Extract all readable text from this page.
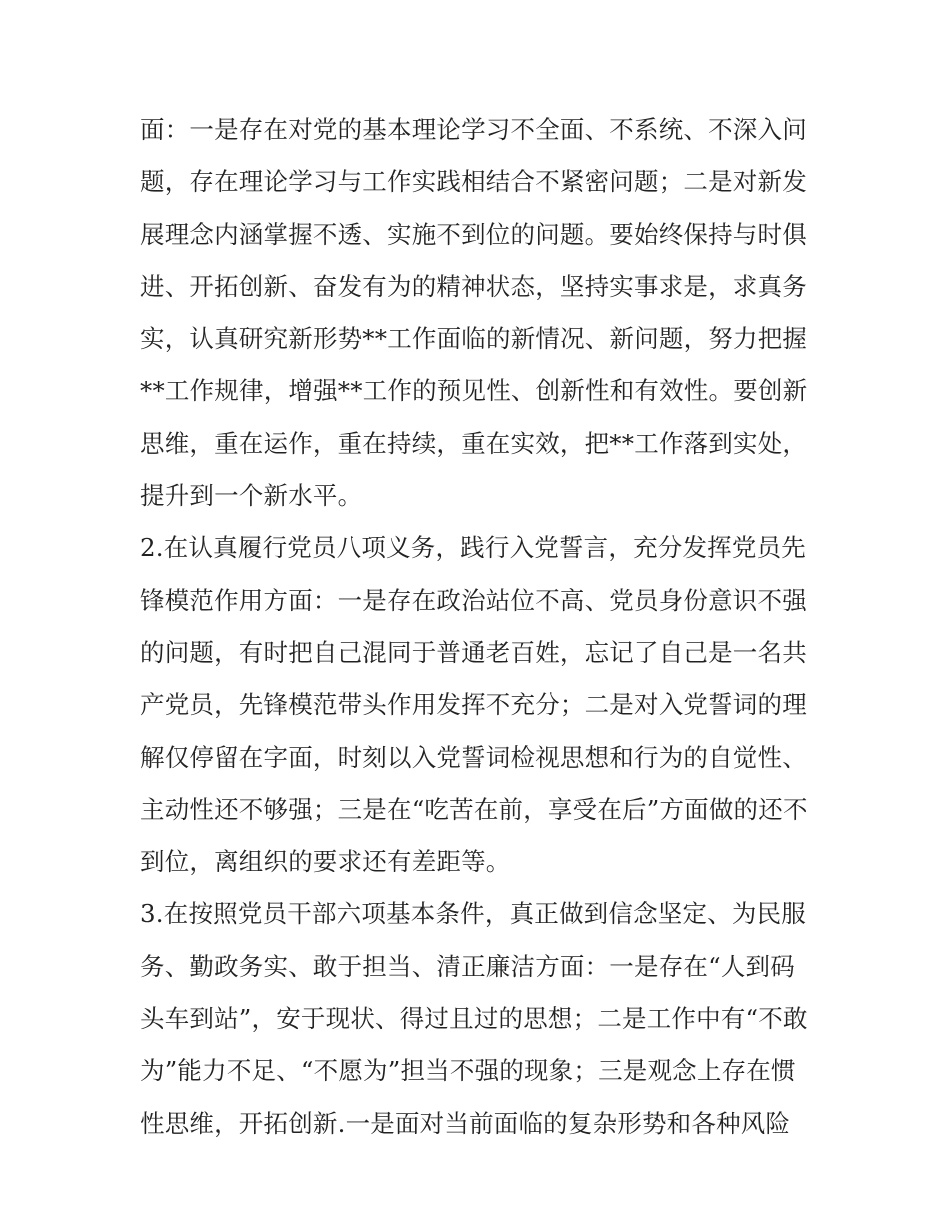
面：一是存在对党的基本理论学习不全面、不系统、不深入问
题，存在理论学习与工作实践相结合不紧密问题；二是对新发
展理念内涵掌握不透、实施不到位的问题。要始终保持与时俱
进、开拓创新、奋发有为的精神状态，坚持实事求是，求真务
实，认真研究新形势**工作面临的新情况、新问题，努力把握
**工作规律，增强**工作的预见性、创新性和有效性。要创新
思维，重在运作，重在持续，重在实效，把**工作落到实处，
提升到一个新水平。
2.在认真履行党员八项义务，践行入党誓言，充分发挥党员先
锋模范作用方面：一是存在政治站位不高、党员身份意识不强
的问题，有时把自己混同于普通老百姓，忘记了自己是一名共
产党员，先锋模范带头作用发挥不充分；二是对入党誓词的理
解仅停留在字面，时刻以入党誓词检视思想和行为的自觉性、
主动性还不够强；三是在“吃苦在前，享受在后”方面做的还不
到位，离组织的要求还有差距等。
3.在按照党员干部六项基本条件，真正做到信念坚定、为民服
务、勤政务实、敢于担当、清正廉洁方面：一是存在“人到码
头车到站”，安于现状、得过且过的思想；二是工作中有“不敢
为”能力不足、“不愿为”担当不强的现象；三是观念上存在惯
性思维，开拓创新.一是面对当前面临的复杂形势和各种风险
